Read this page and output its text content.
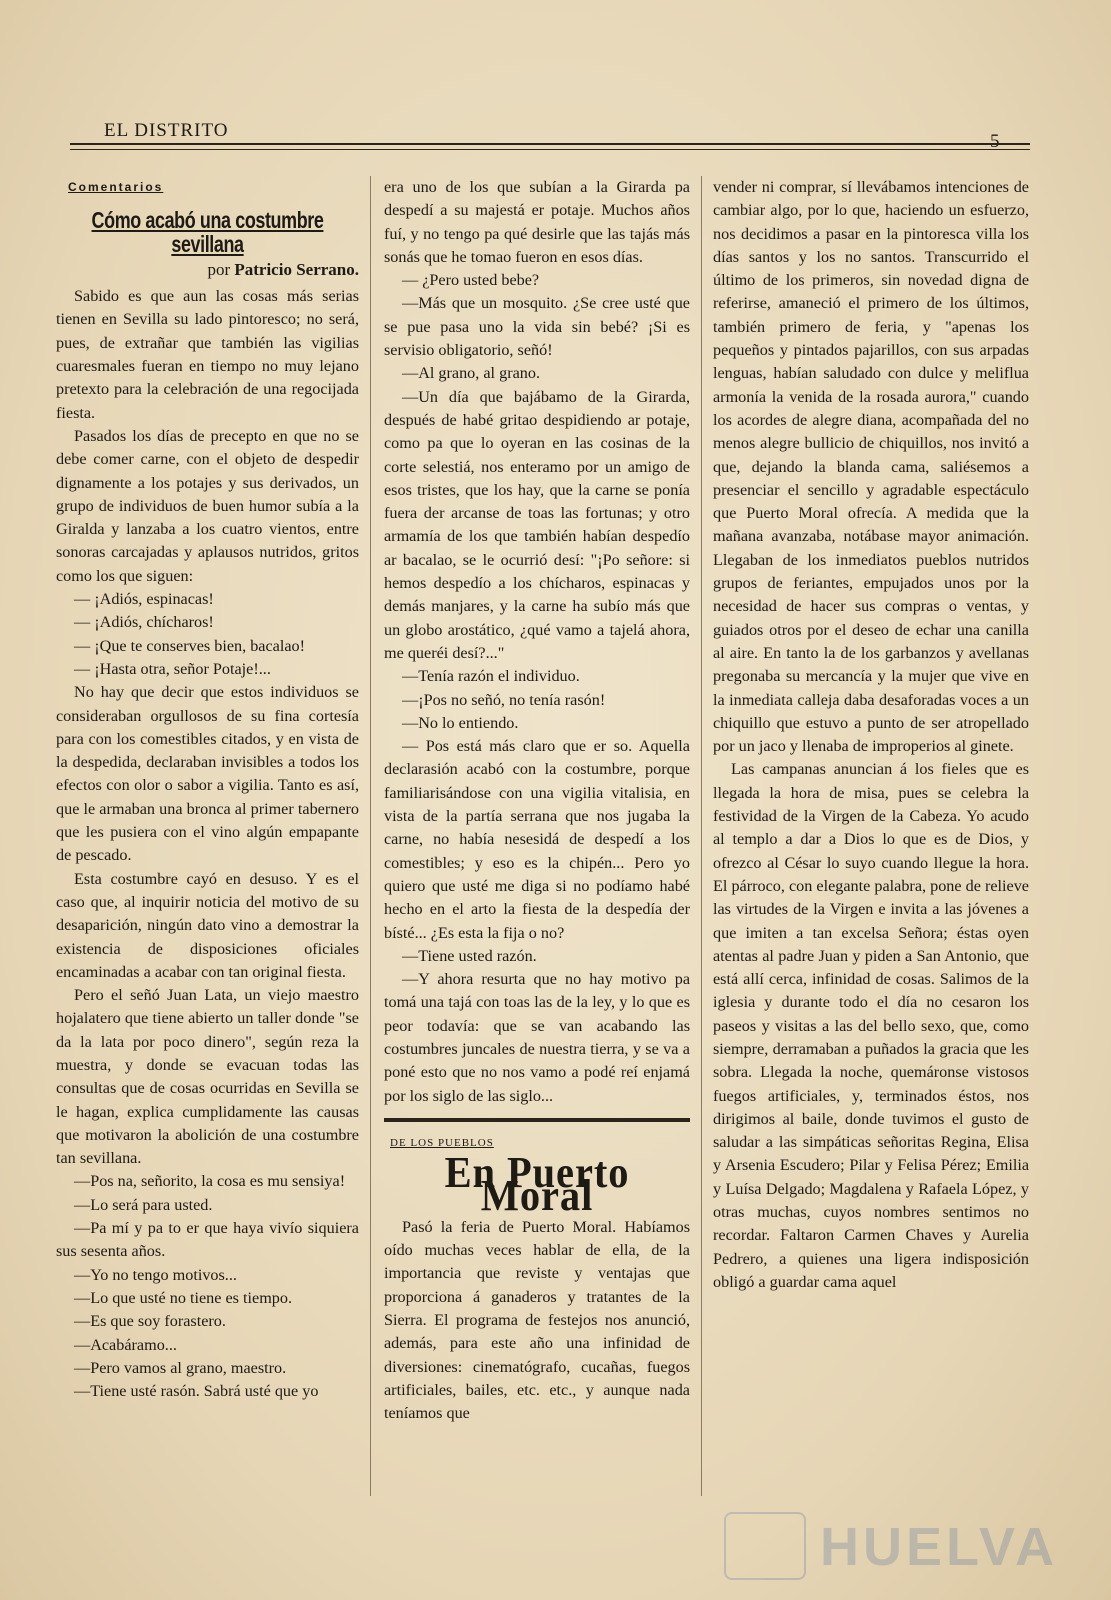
EL DISTRITO
5
Comentarios
Cómo acabó una costumbre sevillana
por Patricio Serrano.

Sabido es que aun las cosas más serias tienen en Sevilla su lado pintoresco; no será, pues, de extrañar que también las vigilias cuaresmales fueran en tiempo no muy lejano pretexto para la celebración de una regocijada fiesta.

Pasados los días de precepto en que no se debe comer carne, con el objeto de despedir dignamente a los potajes y sus derivados, un grupo de individuos de buen humor subía a la Giralda y lanzaba a los cuatro vientos, entre sonoras carcajadas y aplausos nutridos, gritos como los que siguen:

— ¡Adiós, espinacas!

— ¡Adiós, chícharos!

— ¡Que te conserves bien, bacalao!

— ¡Hasta otra, señor Potaje!...

No hay que decir que estos individuos se consideraban orgullosos de su fina cortesía para con los comestibles citados, y en vista de la despedida, declaraban invisibles a todos los efectos con olor o sabor a vigilia. Tanto es así, que le armaban una bronca al primer tabernero que les pusiera con el vino algún empapante de pescado.

Esta costumbre cayó en desuso. Y es el caso que, al inquirir noticia del motivo de su desaparición, ningún dato vino a demostrar la existencia de disposiciones oficiales encaminadas a acabar con tan original fiesta.

Pero el señó Juan Lata, un viejo maestro hojalatero que tiene abierto un taller donde "se da la lata por poco dinero", según reza la muestra, y donde se evacuan todas las consultas que de cosas ocurridas en Sevilla se le hagan, explica cumplidamente las causas que motivaron la abolición de una costumbre tan sevillana.

—Pos na, señorito, la cosa es mu sensiya!

—Lo será para usted.

—Pa mí y pa to er que haya vivío siquiera sus sesenta años.

—Yo no tengo motivos...

—Lo que usté no tiene es tiempo.

—Es que soy forastero.

—Acabáramo...

—Pero vamos al grano, maestro.

—Tiene usté rasón. Sabrá usté que yo

era uno de los que subían a la Girarda pa despedí a su majestá er potaje. Muchos años fuí, y no tengo pa qué desirle que las tajás más sonás que he tomao fueron en esos días.

— ¿Pero usted bebe?

—Más que un mosquito. ¿Se cree usté que se pue pasa uno la vida sin bebé? ¡Si es servisio obligatorio, señó!

—Al grano, al grano.

—Un día que bajábamo de la Girarda, después de habé gritao despidiendo ar potaje, como pa que lo oyeran en las cosinas de la corte selestiá, nos enteramo por un amigo de esos tristes, que los hay, que la carne se ponía fuera der arcanse de toas las fortunas; y otro armamía de los que también habían despedío ar bacalao, se le ocurrió desí: "¡Po señore: si hemos despedío a los chícharos, espinacas y demás manjares, y la carne ha subío más que un globo arostático, ¿qué vamo a tajelá ahora, me queréi desí?..."

—Tenía razón el individuo.

—¡Pos no señó, no tenía rasón!

—No lo entiendo.

— Pos está más claro que er so. Aquella declarasión acabó con la costumbre, porque familiarisándose con una vigilia vitalisia, en vista de la partía serrana que nos jugaba la carne, no había nesesidá de despedí a los comestibles; y eso es la chipén... Pero yo quiero que usté me diga si no podíamo habé hecho en el arto la fiesta de la despedía der bísté... ¿Es esta la fija o no?

—Tiene usted razón.

—Y ahora resurta que no hay motivo pa tomá una tajá con toas las de la ley, y lo que es peor todavía: que se van acabando las costumbres juncales de nuestra tierra, y se va a poné esto que no nos vamo a podé reí enjamá por los siglo de las siglo...

DE LOS PUEBLOS
En Puerto Moral

Pasó la feria de Puerto Moral. Habíamos oído muchas veces hablar de ella, de la importancia que reviste y ventajas que proporciona á ganaderos y tratantes de la Sierra. El programa de festejos nos anunció, además, para este año una infinidad de diversiones: cinematógrafo, cucañas, fuegos artificiales, bailes, etc. etc., y aunque nada teníamos que

vender ni comprar, sí llevábamos intenciones de cambiar algo, por lo que, haciendo un esfuerzo, nos decidimos a pasar en la pintoresca villa los días santos y los no santos. Transcurrido el último de los primeros, sin novedad digna de referirse, amaneció el primero de los últimos, también primero de feria, y "apenas los pequeños y pintados pajarillos, con sus arpadas lenguas, habían saludado con dulce y meliflua armonía la venida de la rosada aurora," cuando los acordes de alegre diana, acompañada del no menos alegre bullicio de chiquillos, nos invitó a que, dejando la blanda cama, saliésemos a presenciar el sencillo y agradable espectáculo que Puerto Moral ofrecía. A medida que la mañana avanzaba, notábase mayor animación. Llegaban de los inmediatos pueblos nutridos grupos de feriantes, empujados unos por la necesidad de hacer sus compras o ventas, y guiados otros por el deseo de echar una canilla al aire. En tanto la de los garbanzos y avellanas pregonaba su mercancía y la mujer que vive en la inmediata calleja daba desaforadas voces a un chiquillo que estuvo a punto de ser atropellado por un jaco y llenaba de improperios al ginete.

Las campanas anuncian á los fieles que es llegada la hora de misa, pues se celebra la festividad de la Virgen de la Cabeza. Yo acudo al templo a dar a Dios lo que es de Dios, y ofrezco al César lo suyo cuando llegue la hora. El párroco, con elegante palabra, pone de relieve las virtudes de la Virgen e invita a las jóvenes a que imiten a tan excelsa Señora; éstas oyen atentas al padre Juan y piden a San Antonio, que está allí cerca, infinidad de cosas. Salimos de la iglesia y durante todo el día no cesaron los paseos y visitas a las del bello sexo, que, como siempre, derramaban a puñados la gracia que les sobra. Llegada la noche, quemáronse vistosos fuegos artificiales, y, terminados éstos, nos dirigimos al baile, donde tuvimos el gusto de saludar a las simpáticas señoritas Regina, Elisa y Arsenia Escudero; Pilar y Felisa Pérez; Emilia y Luísa Delgado; Magdalena y Rafaela López, y otras muchas, cuyos nombres sentimos no recordar. Faltaron Carmen Chaves y Aurelia Pedrero, a quienes una ligera indisposición obligó a guardar cama aquel

HUELVA
